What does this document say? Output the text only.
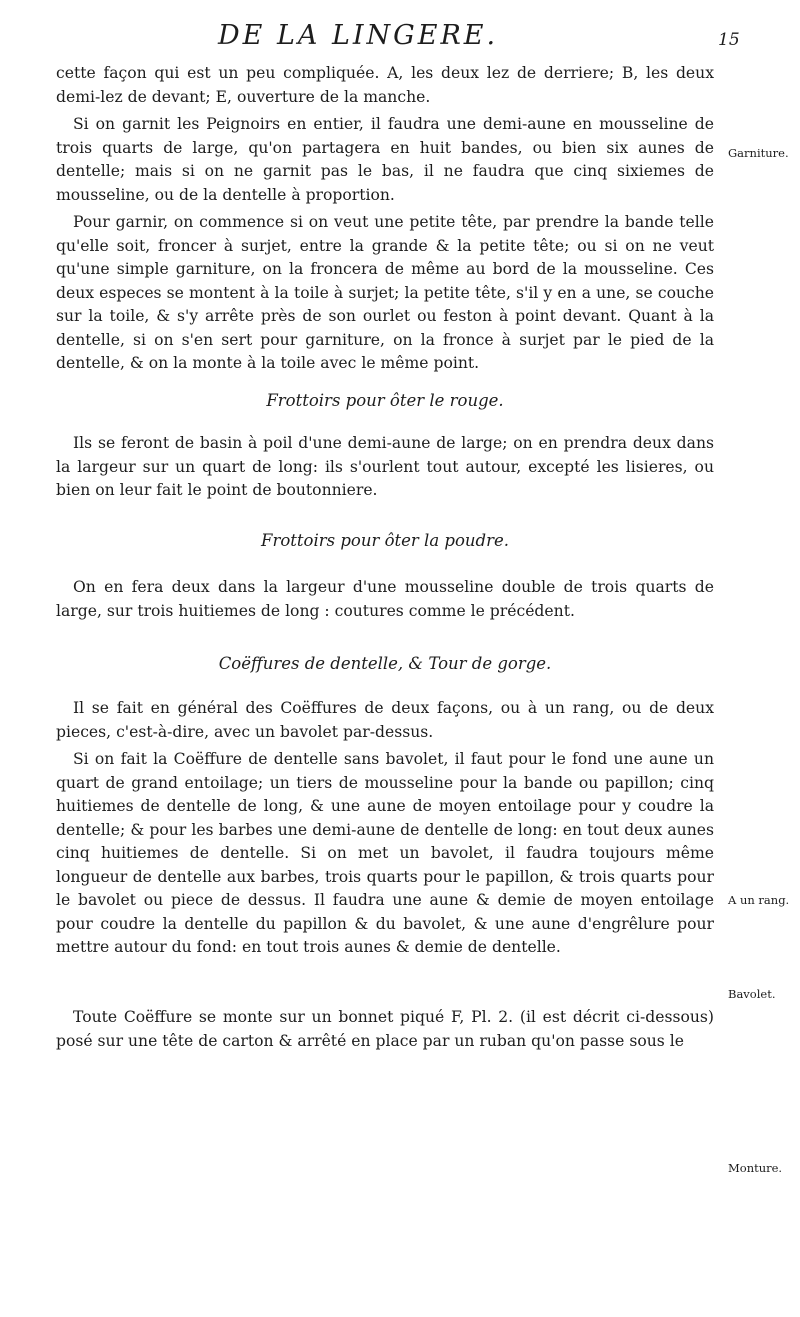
DE LA LINGERE.	15

cette façon qui est un peu compliquée. A, les deux lez de derriere; B, les deux demi-lez de devant; E, ouverture de la manche.

Si on garnit les Peignoirs en entier, il faudra une demi-aune en mousseline de trois quarts de large, qu'on partagera en huit bandes, ou bien six aunes de dentelle; mais si on ne garnit pas le bas, il ne faudra que cinq sixiemes de mousseline, ou de la dentelle à proportion.

Pour garnir, on commence si on veut une petite tête, par prendre la bande telle qu'elle soit, froncer à surjet, entre la grande & la petite tête; ou si on ne veut qu'une simple garniture, on la froncera de même au bord de la mousseline. Ces deux especes se montent à la toile à surjet; la petite tête, s'il y en a une, se couche sur la toile, & s'y arrête près de son ourlet ou feston à point devant. Quant à la dentelle, si on s'en sert pour garniture, on la fronce à surjet par le pied de la dentelle, & on la monte à la toile avec le même point.

Frottoirs pour ôter le rouge.

Ils se feront de basin à poil d'une demi-aune de large; on en prendra deux dans la largeur sur un quart de long: ils s'ourlent tout autour, excepté les lisieres, ou bien on leur fait le point de boutonniere.

Frottoirs pour ôter la poudre.

On en fera deux dans la largeur d'une mousseline double de trois quarts de large, sur trois huitiemes de long : coutures comme le précédent.

Coëffures de dentelle, & Tour de gorge.

Il se fait en général des Coëffures de deux façons, ou à un rang, ou de deux pieces, c'est-à-dire, avec un bavolet par-dessus.

Si on fait la Coëffure de dentelle sans bavolet, il faut pour le fond une aune un quart de grand entoilage; un tiers de mousseline pour la bande ou papillon; cinq huitiemes de dentelle de long, & une aune de moyen entoilage pour y coudre la dentelle; & pour les barbes une demi-aune de dentelle de long: en tout deux aunes cinq huitiemes de dentelle. Si on met un bavolet, il faudra toujours même longueur de dentelle aux barbes, trois quarts pour le papillon, & trois quarts pour le bavolet ou piece de dessus. Il faudra une aune & demie de moyen entoilage pour coudre la dentelle du papillon & du bavolet, & une aune d'engrêlure pour mettre autour du fond: en tout trois aunes & demie de dentelle.

Toute Coëffure se monte sur un bonnet piqué F, Pl. 2. (il est décrit ci-dessous) posé sur une tête de carton & arrêté en place par un ruban qu'on passe sous le

Garniture.
A un rang.
Bavolet.
Monture.
